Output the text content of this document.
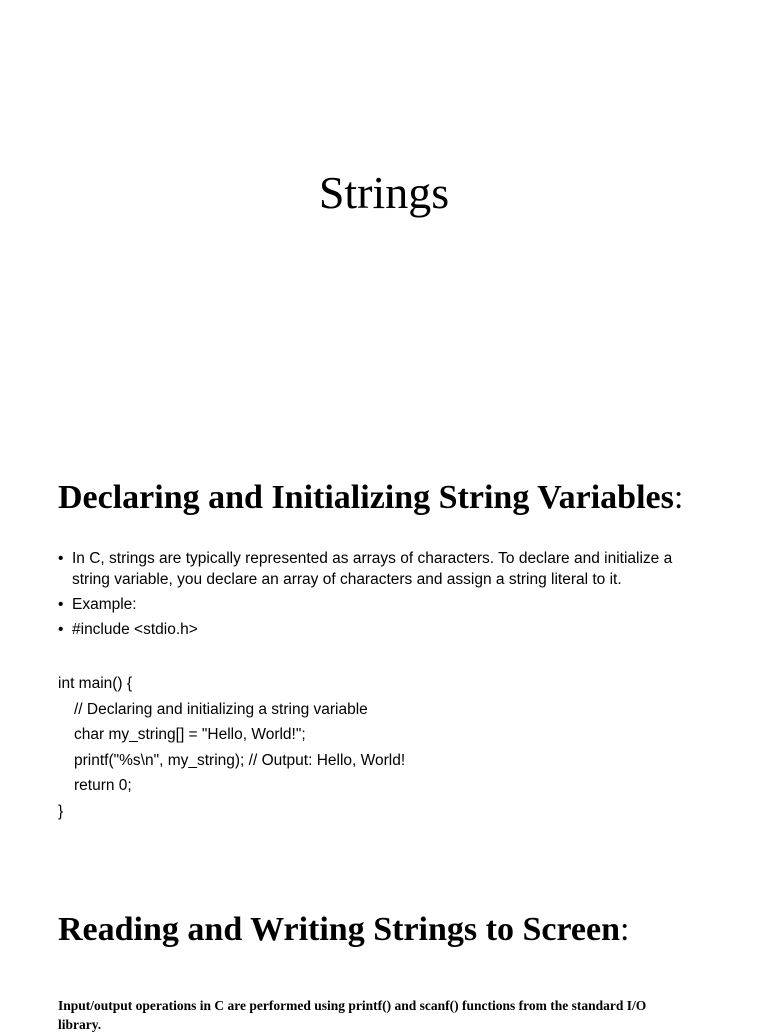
Strings
Declaring and Initializing String Variables:
• In C, strings are typically represented as arrays of characters. To declare and initialize a string variable, you declare an array of characters and assign a string literal to it.
• Example:
• #include <stdio.h>
int main() {
// Declaring and initializing a string variable
char my_string[] = "Hello, World!";
printf("%s\n", my_string); // Output: Hello, World!
return 0;
}
Reading and Writing Strings to Screen:

Input/output operations in C are performed using printf() and scanf() functions from the standard I/O library.
